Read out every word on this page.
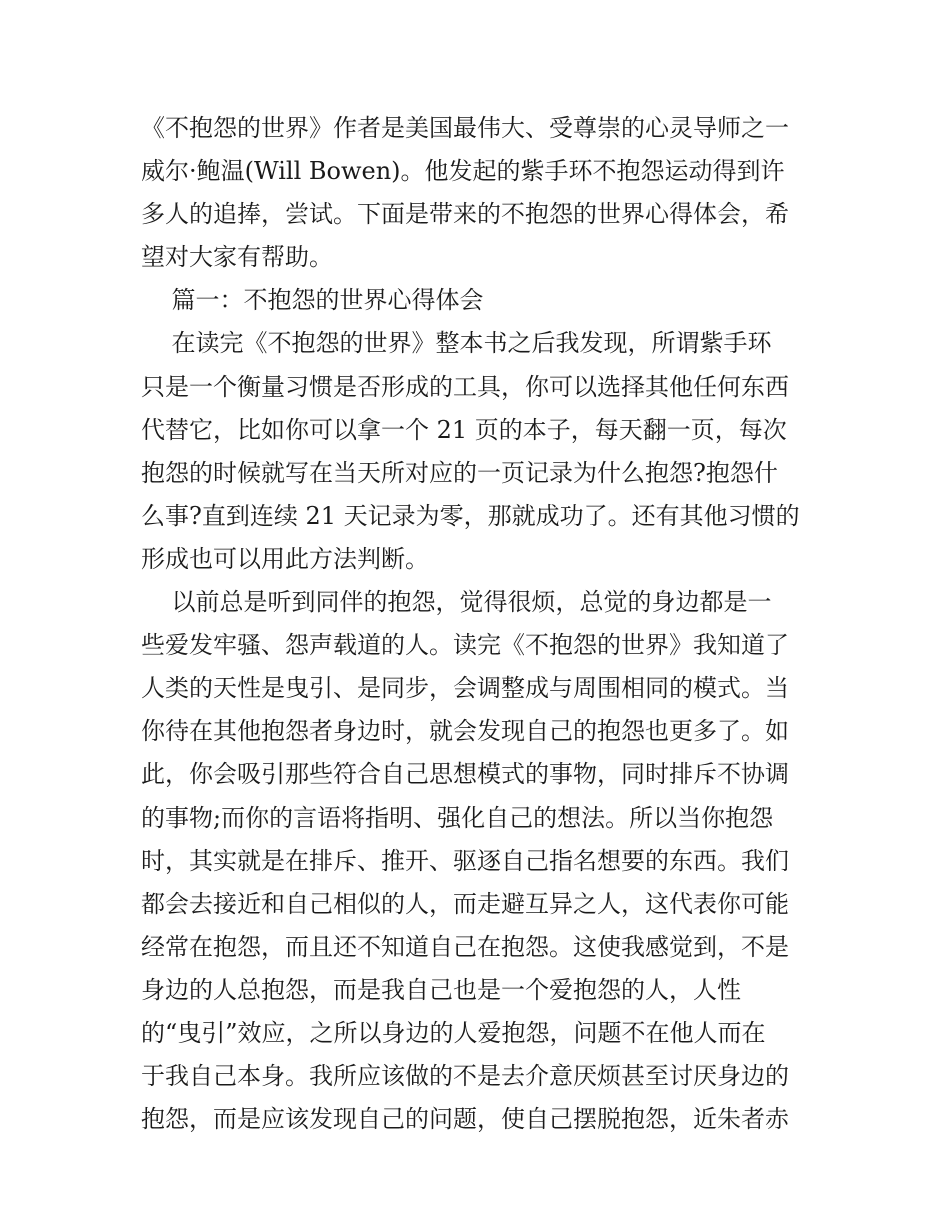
《不抱怨的世界》作者是美国最伟大、受尊崇的心灵导师之一
威尔·鲍温(Will Bowen)。他发起的紫手环不抱怨运动得到许
多人的追捧，尝试。下面是带来的不抱怨的世界心得体会，希
望对大家有帮助。
篇一：不抱怨的世界心得体会
在读完《不抱怨的世界》整本书之后我发现，所谓紫手环
只是一个衡量习惯是否形成的工具，你可以选择其他任何东西
代替它，比如你可以拿一个 21 页的本子，每天翻一页，每次
抱怨的时候就写在当天所对应的一页记录为什么抱怨?抱怨什
么事?直到连续 21 天记录为零，那就成功了。还有其他习惯的
形成也可以用此方法判断。
以前总是听到同伴的抱怨，觉得很烦，总觉的身边都是一
些爱发牢骚、怨声载道的人。读完《不抱怨的世界》我知道了
人类的天性是曳引、是同步，会调整成与周围相同的模式。当
你待在其他抱怨者身边时，就会发现自己的抱怨也更多了。如
此，你会吸引那些符合自己思想模式的事物，同时排斥不协调
的事物;而你的言语将指明、强化自己的想法。所以当你抱怨
时，其实就是在排斥、推开、驱逐自己指名想要的东西。我们
都会去接近和自己相似的人，而走避互异之人，这代表你可能
经常在抱怨，而且还不知道自己在抱怨。这使我感觉到，不是
身边的人总抱怨，而是我自己也是一个爱抱怨的人，人性
的“曳引”效应，之所以身边的人爱抱怨，问题不在他人而在
于我自己本身。我所应该做的不是去介意厌烦甚至讨厌身边的
抱怨，而是应该发现自己的问题，使自己摆脱抱怨，近朱者赤
